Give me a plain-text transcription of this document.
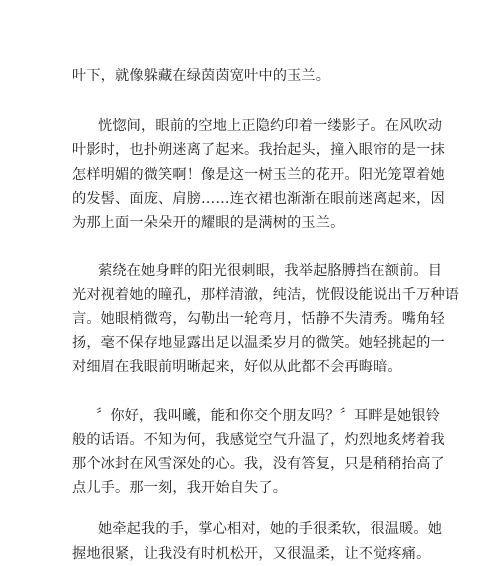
叶下，就像躲藏在绿茵茵宽叶中的玉兰。
恍惚间，眼前的空地上正隐约印着一缕影子。在风吹动
叶影时，也扑朔迷离了起来。我抬起头，撞入眼帘的是一抹
怎样明媚的微笑啊！像是这一树玉兰的花开。阳光笼罩着她
的发髻、面庞、肩膀……连衣裙也渐渐在眼前迷离起来，因
为那上面一朵朵开的耀眼的是满树的玉兰。
萦绕在她身畔的阳光很刺眼，我举起胳膊挡在额前。目
光对视着她的瞳孔，那样清澈，纯洁，恍假设能说出千万种语
言。她眼梢微弯，勾勒出一轮弯月，恬静不失清秀。嘴角轻
扬，毫不保存地显露出足以温柔岁月的微笑。她轻挑起的一
对细眉在我眼前明晰起来，好似从此都不会再晦暗。
〞你好，我叫曦，能和你交个朋友吗？〞耳畔是她银铃
般的话语。不知为何，我感觉空气升温了，灼烈地炙烤着我
那个冰封在风雪深处的心。我，没有答复，只是稍稍抬高了
点儿手。那一刻，我开始自失了。
她牵起我的手，掌心相对，她的手很柔软，很温暖。她
握地很紧，让我没有时机松开，又很温柔，让不觉疼痛。
